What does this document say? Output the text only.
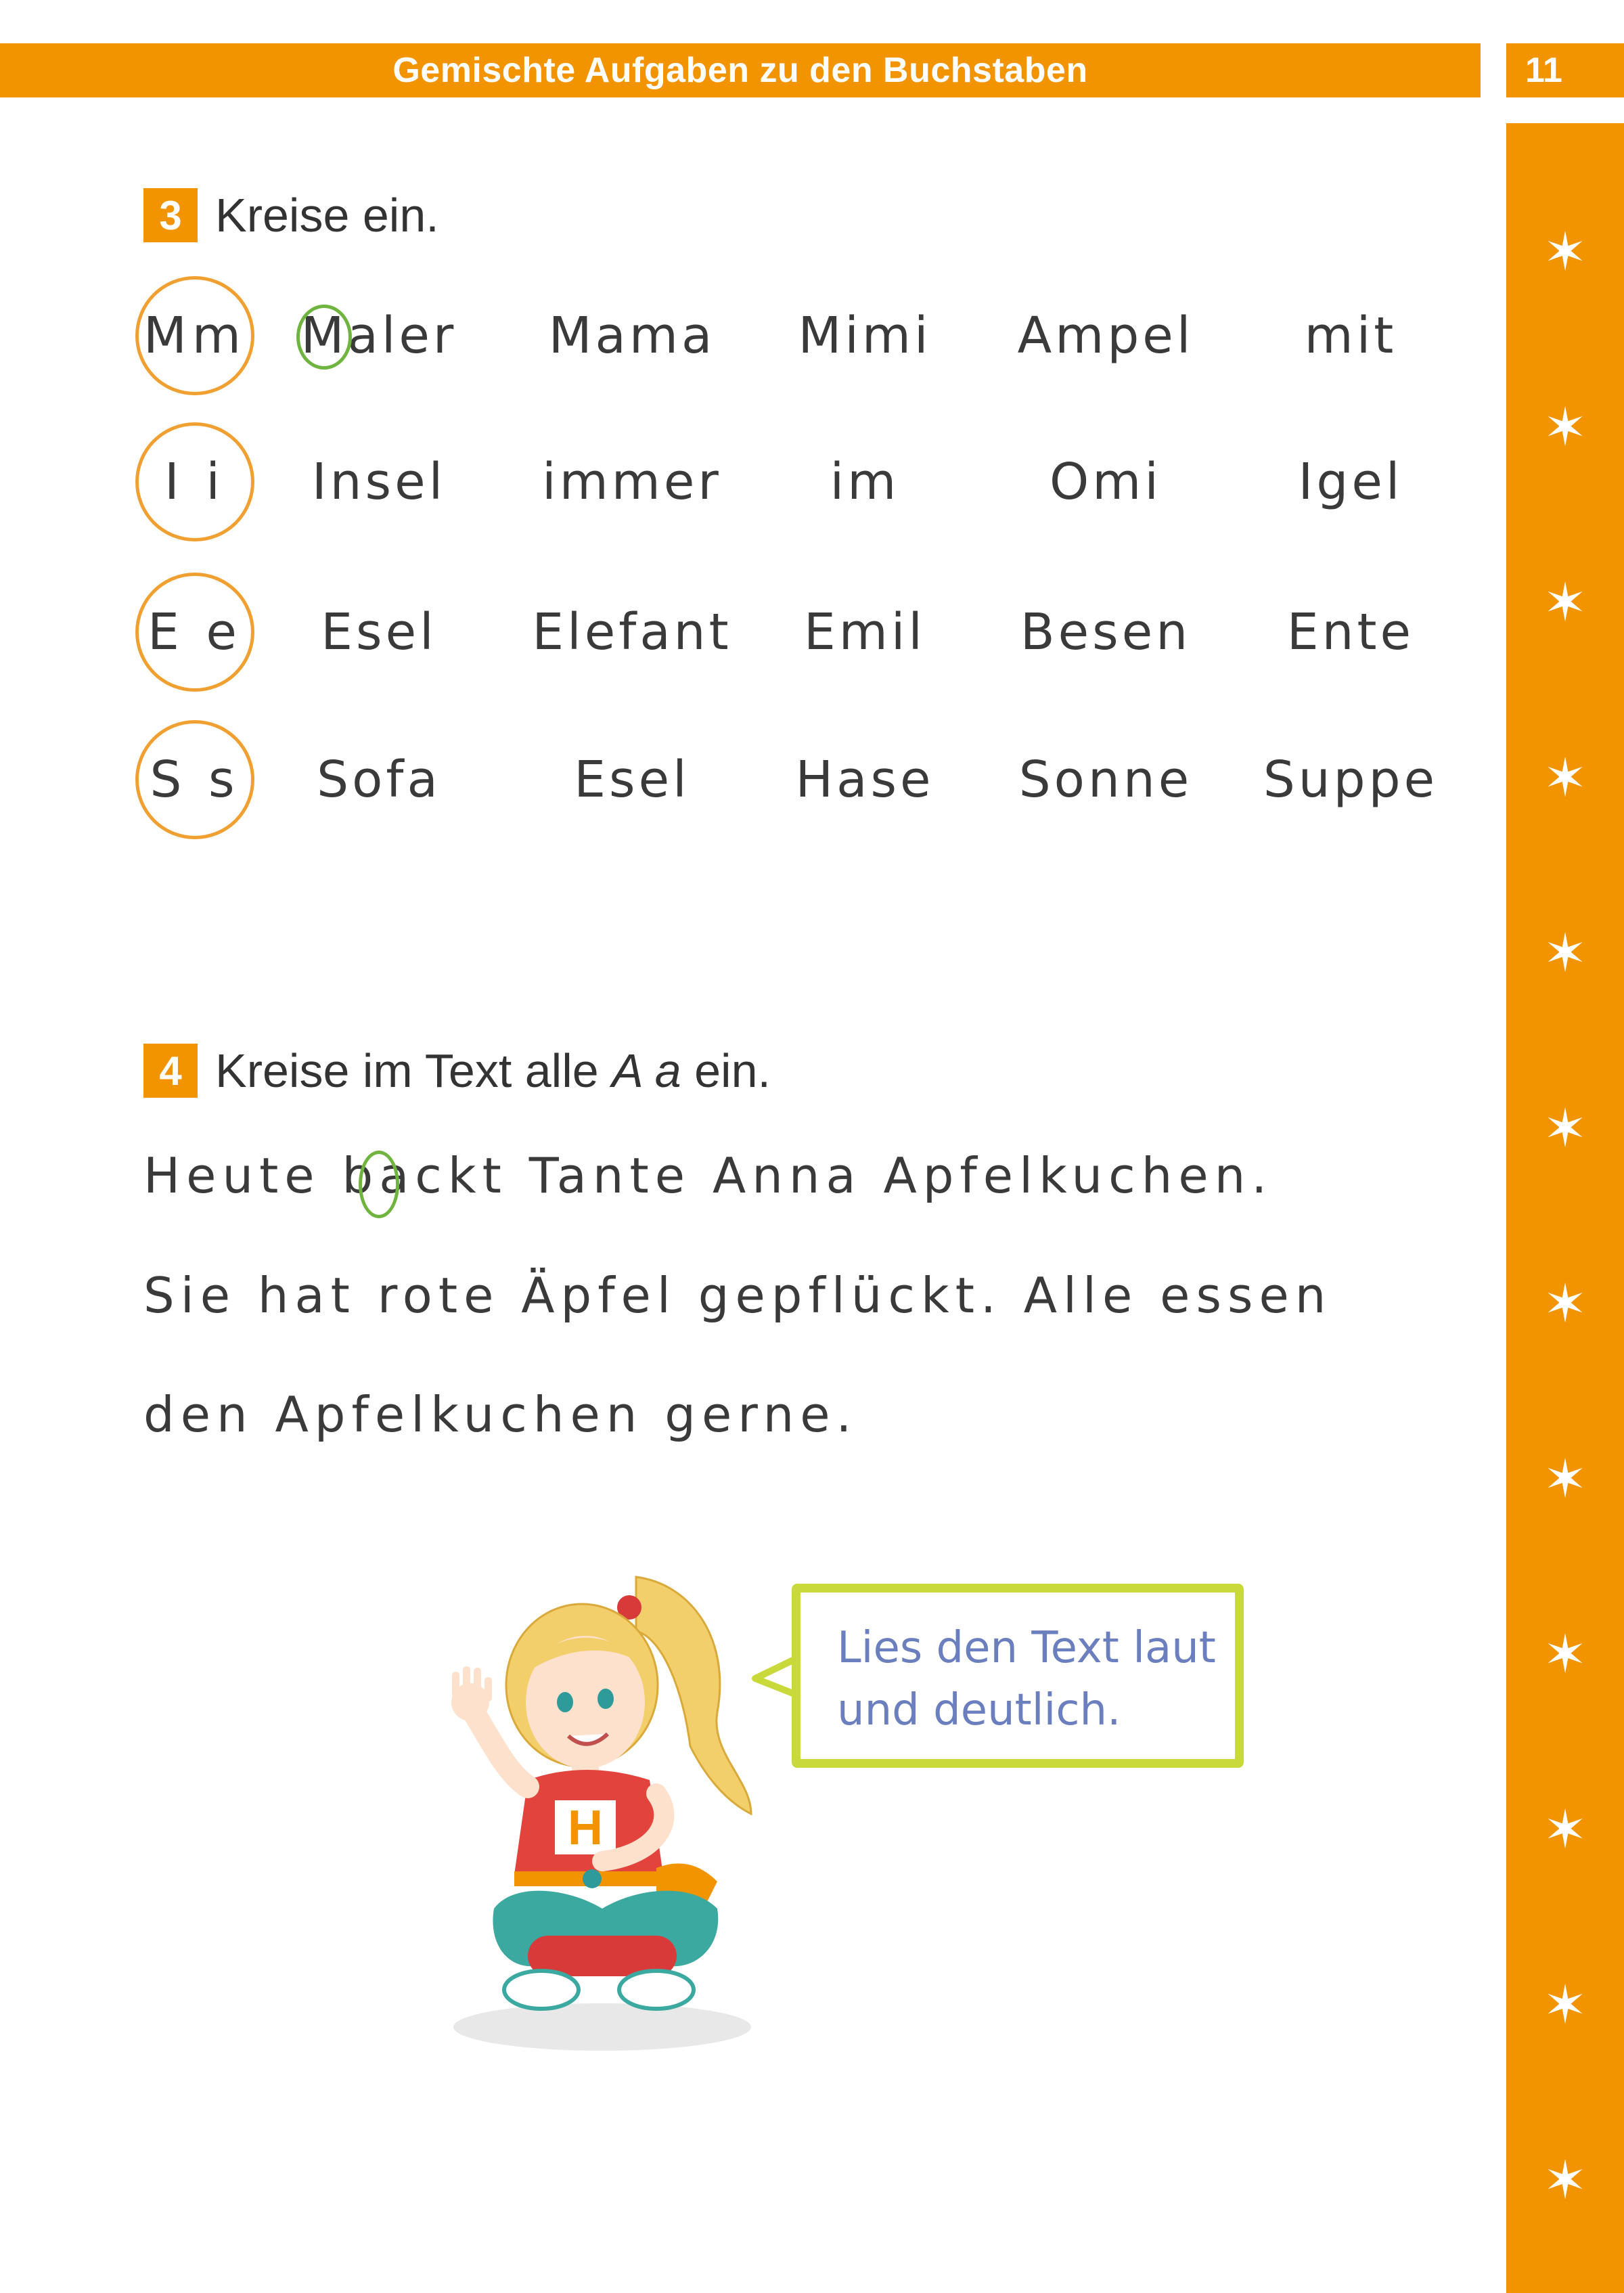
Gemischte Aufgaben zu den Buchstaben	11
✶
✶
✶
✶
✶
✶
✶
✶
✶
✶
✶
✶
3 Kreise ein.
Mm	Maler	Mama	Mimi	Ampel	mit
I i	Insel	immer	im	Omi	Igel
E e	Esel	Elefant	Emil	Besen	Ente
S s	Sofa	Esel	Hase	Sonne	Suppe
4 Kreise im Text alle A a ein.
Heute backt Tante Anna Apfelkuchen.
Sie hat rote Äpfel gepflückt. Alle essen
den Apfelkuchen gerne.
H
Lies den Text laut
und deutlich.
